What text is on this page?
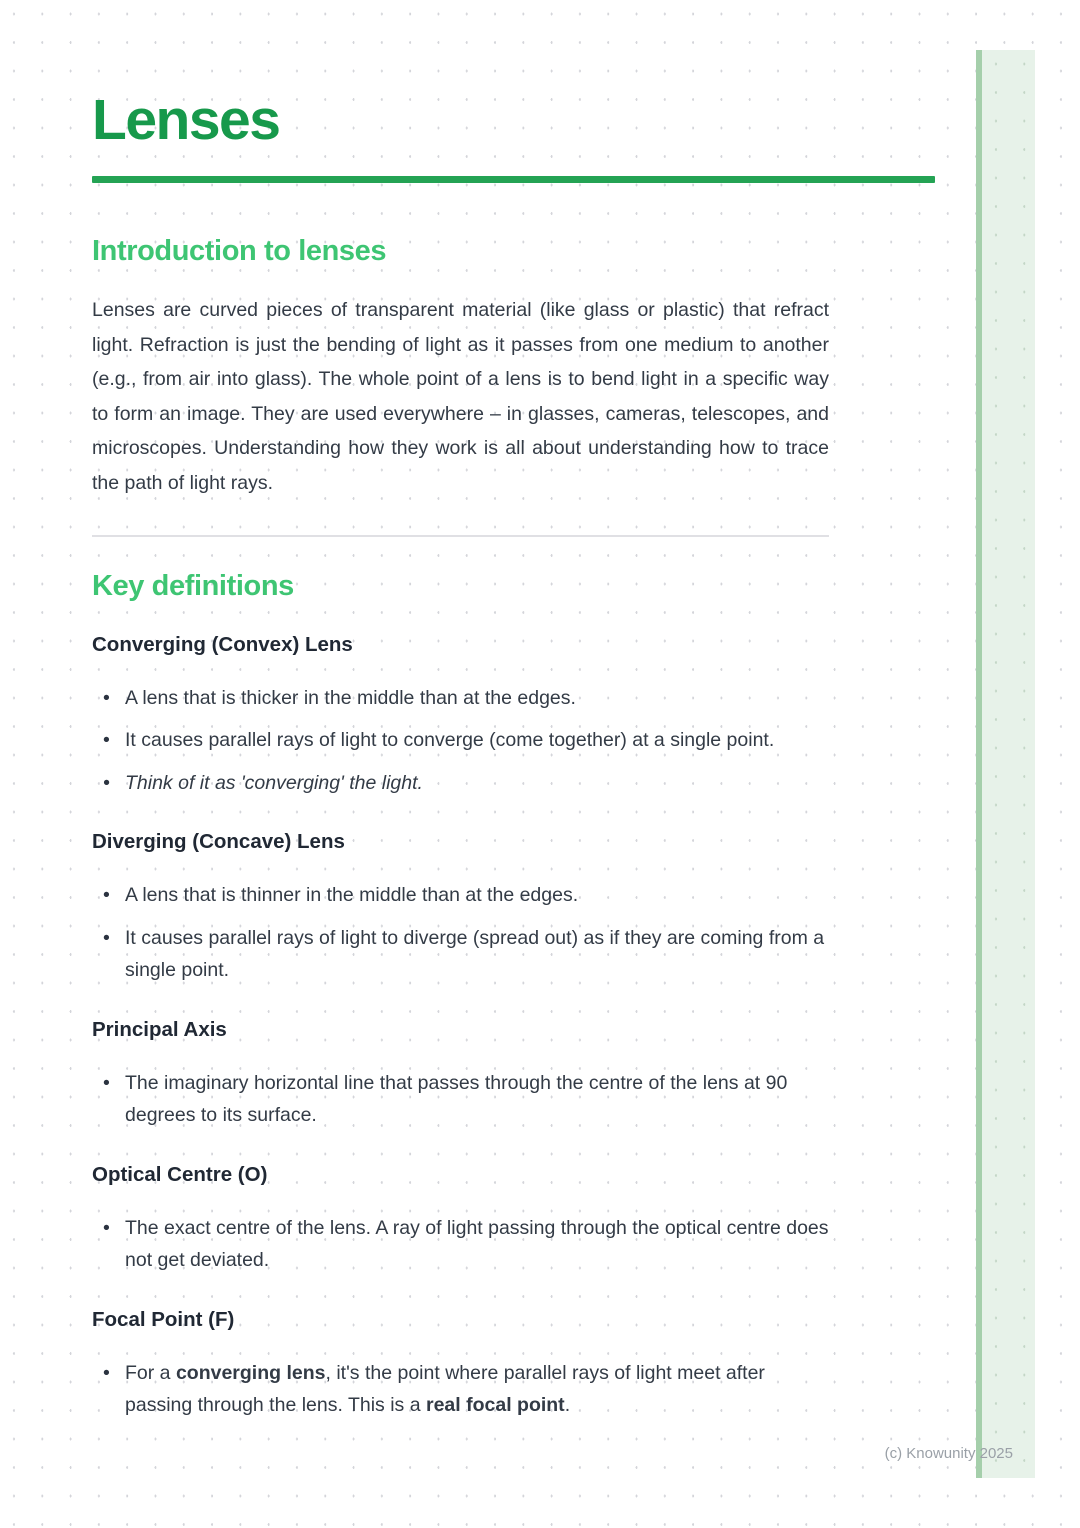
Lenses
Introduction to lenses

Lenses are curved pieces of transparent material (like glass or plastic) that refract light. Refraction is just the bending of light as it passes from one medium to another (e.g., from air into glass). The whole point of a lens is to bend light in a specific way to form an image. They are used everywhere – in glasses, cameras, telescopes, and microscopes. Understanding how they work is all about understanding how to trace the path of light rays.

Key definitions
Converging (Convex) Lens
• A lens that is thicker in the middle than at the edges.
• It causes parallel rays of light to converge (come together) at a single point.
• Think of it as 'converging' the light.
Diverging (Concave) Lens
• A lens that is thinner in the middle than at the edges.
• It causes parallel rays of light to diverge (spread out) as if they are coming from a single point.
Principal Axis
• The imaginary horizontal line that passes through the centre of the lens at 90 degrees to its surface.
Optical Centre (O)
• The exact centre of the lens. A ray of light passing through the optical centre does not get deviated.
Focal Point (F)
• For a converging lens, it's the point where parallel rays of light meet after passing through the lens. This is a real focal point.
(c) Knowunity 2025
